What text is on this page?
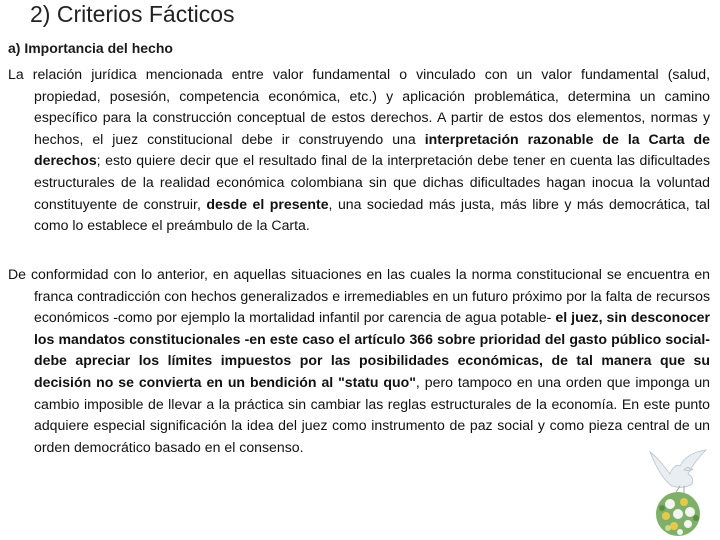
2) Criterios Fácticos
a) Importancia del hecho
La relación jurídica mencionada entre valor fundamental o vinculado con un valor fundamental (salud, propiedad, posesión, competencia económica, etc.) y aplicación problemática, determina un camino específico para la construcción conceptual de estos derechos. A partir de estos dos elementos, normas y hechos, el juez constitucional debe ir construyendo una interpretación razonable de la Carta de derechos; esto quiere decir que el resultado final de la interpretación debe tener en cuenta las dificultades estructurales de la realidad económica colombiana sin que dichas dificultades hagan inocua la voluntad constituyente de construir, desde el presente, una sociedad más justa, más libre y más democrática, tal como lo establece el preámbulo de la Carta.
De conformidad con lo anterior, en aquellas situaciones en las cuales la norma constitucional se encuentra en franca contradicción con hechos generalizados e irremediables en un futuro próximo por la falta de recursos económicos -como por ejemplo la mortalidad infantil por carencia de agua potable- el juez, sin desconocer los mandatos constitucionales -en este caso el artículo 366 sobre prioridad del gasto público social- debe apreciar los límites impuestos por las posibilidades económicas, de tal manera que su decisión no se convierta en un bendición al "statu quo", pero tampoco en una orden que imponga un cambio imposible de llevar a la práctica sin cambiar las reglas estructurales de la economía. En este punto adquiere especial significación la idea del juez como instrumento de paz social y como pieza central de un orden democrático basado en el consenso.
